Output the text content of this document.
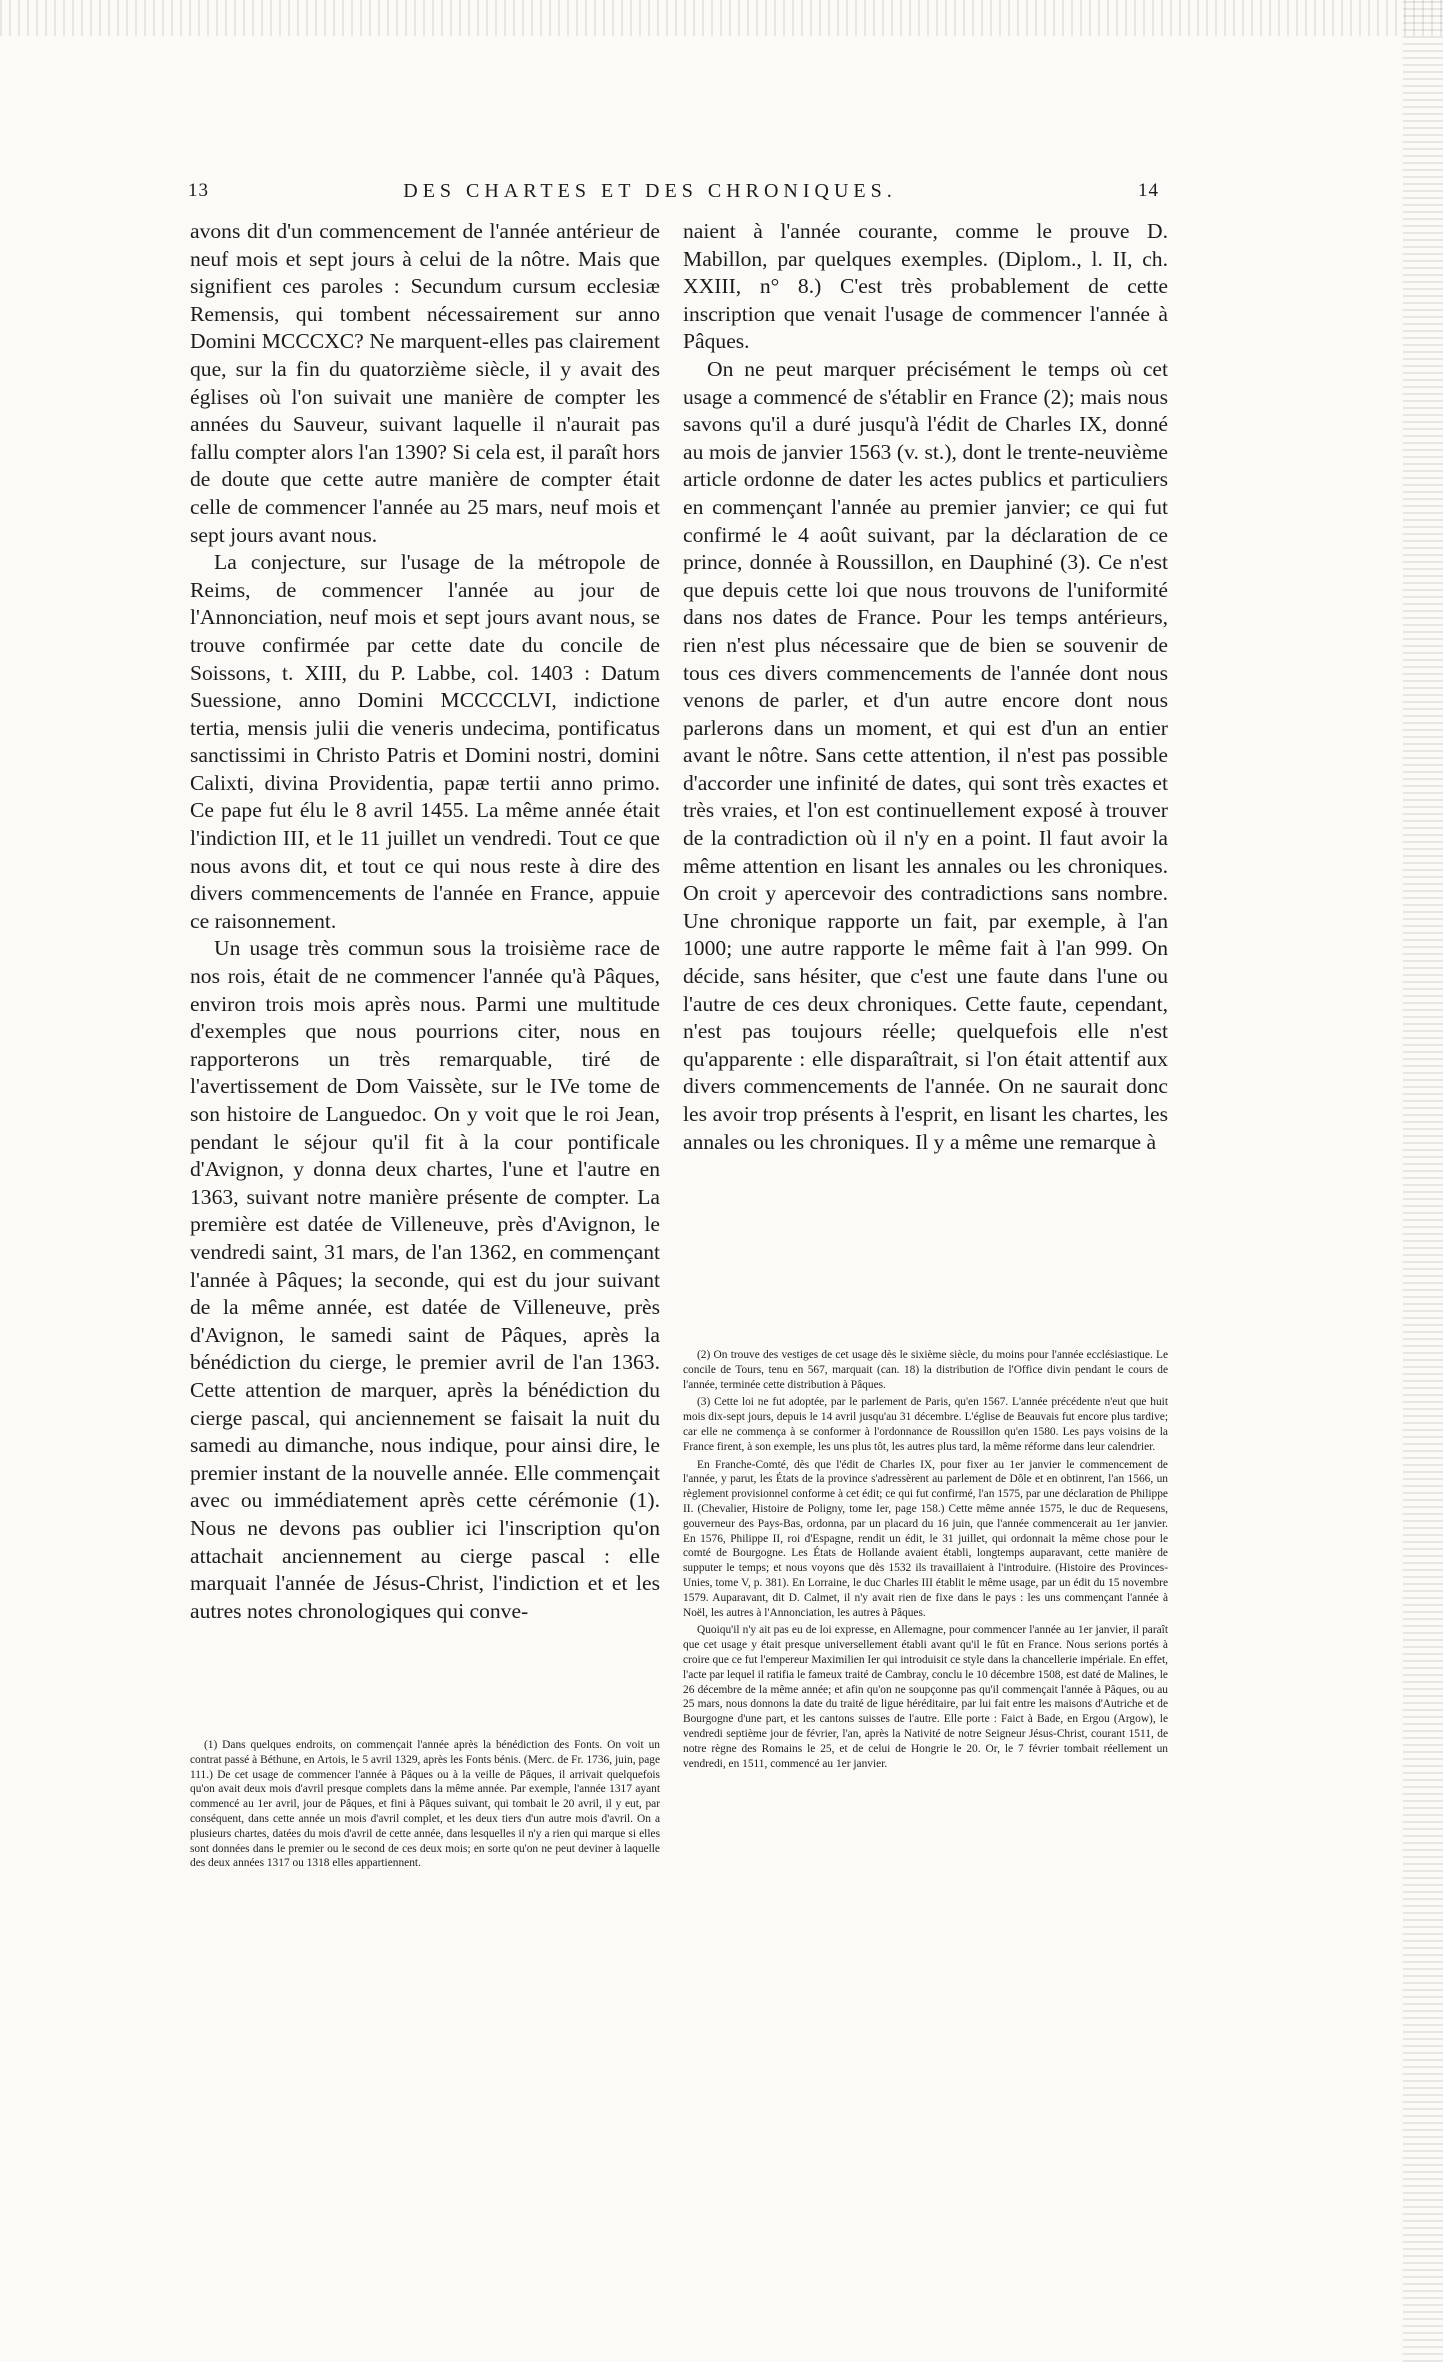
13	DES CHARTES ET DES CHRONIQUES.	14

avons dit d'un commencement de l'année antérieur de neuf mois et sept jours à celui de la nôtre. Mais que signifient ces paroles : Secundum cursum ecclesiæ Remensis, qui tombent nécessairement sur anno Domini MCCCXC? Ne marquent-elles pas clairement que, sur la fin du quatorzième siècle, il y avait des églises où l'on suivait une manière de compter les années du Sauveur, suivant laquelle il n'aurait pas fallu compter alors l'an 1390? Si cela est, il paraît hors de doute que cette autre manière de compter était celle de commencer l'année au 25 mars, neuf mois et sept jours avant nous.

La conjecture, sur l'usage de la métropole de Reims, de commencer l'année au jour de l'Annonciation, neuf mois et sept jours avant nous, se trouve confirmée par cette date du concile de Soissons, t. XIII, du P. Labbe, col. 1403 : Datum Suessione, anno Domini MCCCCLVI, indictione tertia, mensis julii die veneris undecima, pontificatus sanctissimi in Christo Patris et Domini nostri, domini Calixti, divina Providentia, papæ tertii anno primo. Ce pape fut élu le 8 avril 1455. La même année était l'indiction III, et le 11 juillet un vendredi. Tout ce que nous avons dit, et tout ce qui nous reste à dire des divers commencements de l'année en France, appuie ce raisonnement.

Un usage très commun sous la troisième race de nos rois, était de ne commencer l'année qu'à Pâques, environ trois mois après nous. Parmi une multitude d'exemples que nous pourrions citer, nous en rapporterons un très remarquable, tiré de l'avertissement de Dom Vaissète, sur le IVe tome de son histoire de Languedoc. On y voit que le roi Jean, pendant le séjour qu'il fit à la cour pontificale d'Avignon, y donna deux chartes, l'une et l'autre en 1363, suivant notre manière présente de compter. La première est datée de Villeneuve, près d'Avignon, le vendredi saint, 31 mars, de l'an 1362, en commençant l'année à Pâques; la seconde, qui est du jour suivant de la même année, est datée de Villeneuve, près d'Avignon, le samedi saint de Pâques, après la bénédiction du cierge, le premier avril de l'an 1363. Cette attention de marquer, après la bénédiction du cierge pascal, qui anciennement se faisait la nuit du samedi au dimanche, nous indique, pour ainsi dire, le premier instant de la nouvelle année. Elle commençait avec ou immédiatement après cette cérémonie (1). Nous ne devons pas oublier ici l'inscription qu'on attachait anciennement au cierge pascal : elle marquait l'année de Jésus-Christ, l'indiction et et les autres notes chronologiques qui conve-

naient à l'année courante, comme le prouve D. Mabillon, par quelques exemples. (Diplom., l. II, ch. XXIII, n° 8.) C'est très probablement de cette inscription que venait l'usage de commencer l'année à Pâques.

On ne peut marquer précisément le temps où cet usage a commencé de s'établir en France (2); mais nous savons qu'il a duré jusqu'à l'édit de Charles IX, donné au mois de janvier 1563 (v. st.), dont le trente-neuvième article ordonne de dater les actes publics et particuliers en commençant l'année au premier janvier; ce qui fut confirmé le 4 août suivant, par la déclaration de ce prince, donnée à Roussillon, en Dauphiné (3). Ce n'est que depuis cette loi que nous trouvons de l'uniformité dans nos dates de France. Pour les temps antérieurs, rien n'est plus nécessaire que de bien se souvenir de tous ces divers commencements de l'année dont nous venons de parler, et d'un autre encore dont nous parlerons dans un moment, et qui est d'un an entier avant le nôtre. Sans cette attention, il n'est pas possible d'accorder une infinité de dates, qui sont très exactes et très vraies, et l'on est continuellement exposé à trouver de la contradiction où il n'y en a point. Il faut avoir la même attention en lisant les annales ou les chroniques. On croit y apercevoir des contradictions sans nombre. Une chronique rapporte un fait, par exemple, à l'an 1000; une autre rapporte le même fait à l'an 999. On décide, sans hésiter, que c'est une faute dans l'une ou l'autre de ces deux chroniques. Cette faute, cependant, n'est pas toujours réelle; quelquefois elle n'est qu'apparente : elle disparaîtrait, si l'on était attentif aux divers commencements de l'année. On ne saurait donc les avoir trop présents à l'esprit, en lisant les chartes, les annales ou les chroniques. Il y a même une remarque à

(1) Dans quelques endroits, on commençait l'année après la bénédiction des Fonts. On voit un contrat passé à Béthune, en Artois, le 5 avril 1329, après les Fonts bénis. (Merc. de Fr. 1736, juin, page 111.) De cet usage de commencer l'année à Pâques ou à la veille de Pâques, il arrivait quelquefois qu'on avait deux mois d'avril presque complets dans la même année. Par exemple, l'année 1317 ayant commencé au 1er avril, jour de Pâques, et fini à Pâques suivant, qui tombait le 20 avril, il y eut, par conséquent, dans cette année un mois d'avril complet, et les deux tiers d'un autre mois d'avril. On a plusieurs chartes, datées du mois d'avril de cette année, dans lesquelles il n'y a rien qui marque si elles sont données dans le premier ou le second de ces deux mois; en sorte qu'on ne peut deviner à laquelle des deux années 1317 ou 1318 elles appartiennent.

(2) On trouve des vestiges de cet usage dès le sixième siècle, du moins pour l'année ecclésiastique. Le concile de Tours, tenu en 567, marquait (can. 18) la distribution de l'Office divin pendant le cours de l'année, terminée cette distribution à Pâques.

(3) Cette loi ne fut adoptée, par le parlement de Paris, qu'en 1567. L'année précédente n'eut que huit mois dix-sept jours, depuis le 14 avril jusqu'au 31 décembre. L'église de Beauvais fut encore plus tardive; car elle ne commença à se conformer à l'ordonnance de Roussillon qu'en 1580. Les pays voisins de la France firent, à son exemple, les uns plus tôt, les autres plus tard, la même réforme dans leur calendrier.

En Franche-Comté, dès que l'édit de Charles IX, pour fixer au 1er janvier le commencement de l'année, y parut, les États de la province s'adressèrent au parlement de Dôle et en obtinrent, l'an 1566, un règlement provisionnel conforme à cet édit; ce qui fut confirmé, l'an 1575, par une déclaration de Philippe II. (Chevalier, Histoire de Poligny, tome Ier, page 158.) Cette même année 1575, le duc de Requesens, gouverneur des Pays-Bas, ordonna, par un placard du 16 juin, que l'année commencerait au 1er janvier. En 1576, Philippe II, roi d'Espagne, rendit un édit, le 31 juillet, qui ordonnait la même chose pour le comté de Bourgogne. Les États de Hollande avaient établi, longtemps auparavant, cette manière de supputer le temps; et nous voyons que dès 1532 ils travaillaient à l'introduire. (Histoire des Provinces-Unies, tome V, p. 381). En Lorraine, le duc Charles III établit le même usage, par un édit du 15 novembre 1579. Auparavant, dit D. Calmet, il n'y avait rien de fixe dans le pays : les uns commençant l'année à Noël, les autres à l'Annonciation, les autres à Pâques.

Quoiqu'il n'y ait pas eu de loi expresse, en Allemagne, pour commencer l'année au 1er janvier, il paraît que cet usage y était presque universellement établi avant qu'il le fût en France. Nous serions portés à croire que ce fut l'empereur Maximilien Ier qui introduisit ce style dans la chancellerie impériale. En effet, l'acte par lequel il ratifia le fameux traité de Cambray, conclu le 10 décembre 1508, est daté de Malines, le 26 décembre de la même année; et afin qu'on ne soupçonne pas qu'il commençait l'année à Pâques, ou au 25 mars, nous donnons la date du traité de ligue héréditaire, par lui fait entre les maisons d'Autriche et de Bourgogne d'une part, et les cantons suisses de l'autre. Elle porte : Faict à Bade, en Ergou (Argow), le vendredi septième jour de février, l'an, après la Nativité de notre Seigneur Jésus-Christ, courant 1511, de notre règne des Romains le 25, et de celui de Hongrie le 20. Or, le 7 février tombait réellement un vendredi, en 1511, commencé au 1er janvier.
